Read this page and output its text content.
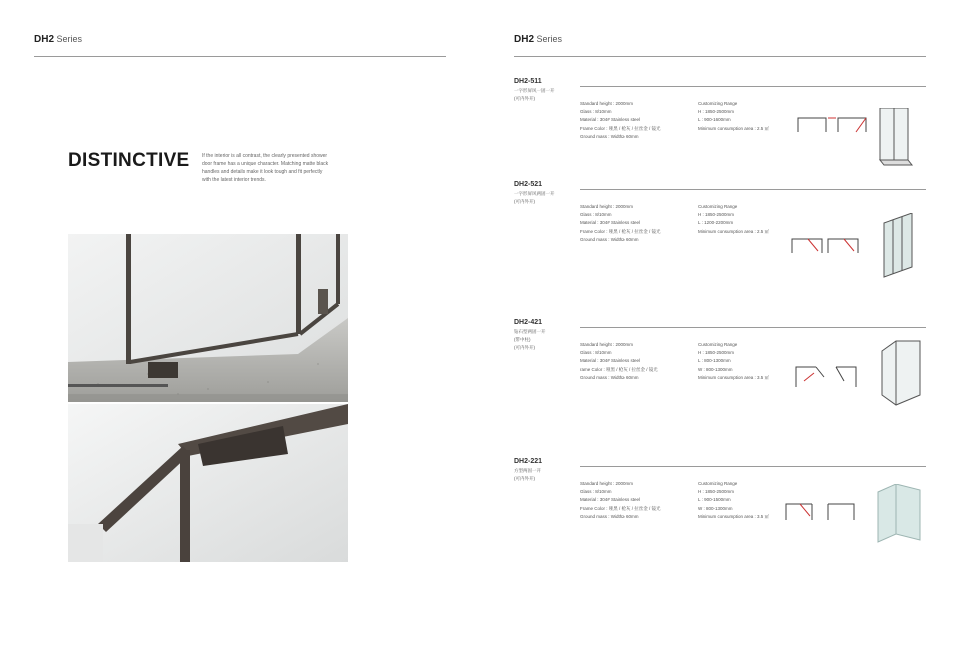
DH2 Series
DISTINCTIVE If the interior is all contrast, the clearly presented shower
door frame has a unique character. Matching matte black
handles and details make it look tough and fit perfectly
with the latest interior trends.
DH2 Series
DH2-511
一字形屏风一固一开
(可内外开)
Standard height : 2000mm
Glass : 8/10mm
Material : 304# Stainless steel
Frame Color : 哑黑 / 枪灰 / 拉丝金 / 镜光
Ground mass : Width≥ 60mm
Customizing Range
H : 1850-2500mm
L : 900-1600mm
Minimum consumption area : 2.5 ㎡
DH2-521
一字形屏风两固一开
(可内外开)
Standard height : 2000mm
Glass : 8/10mm
Material : 304# Stainless steel
Frame Color : 哑黑 / 枪灰 / 拉丝金 / 镜光
Ground mass : Width≥ 60mm
Customizing Range
H : 1850-2500mm
L : 1200-2200mm
Minimum consumption area : 2.5 ㎡
DH2-421
钻石型两固一开
(带中柱)
(可内外开)
Standard height : 2000mm
Glass : 8/10mm
Material : 304# Stainless steel
rame Color : 哑黑 / 枪灰 / 拉丝金 / 镜光
Ground mass : Width≥ 60mm
Customizing Range
H : 1850-2500mm
L : 800-1300mm
W : 800-1300mm
Minimum consumption area : 3.5 ㎡
DH2-221
方型两固一开
(可内外开)
Standard height : 2000mm
Glass : 8/10mm
Material : 304# Stainless steel
Frame Color : 哑黑 / 枪灰 / 拉丝金 / 镜光
Ground mass : Width≥ 60mm
Customizing Range
H : 1850-2500mm
L : 900-1500mm
W : 800-1300mm
Minimum consumption area : 3.5 ㎡
